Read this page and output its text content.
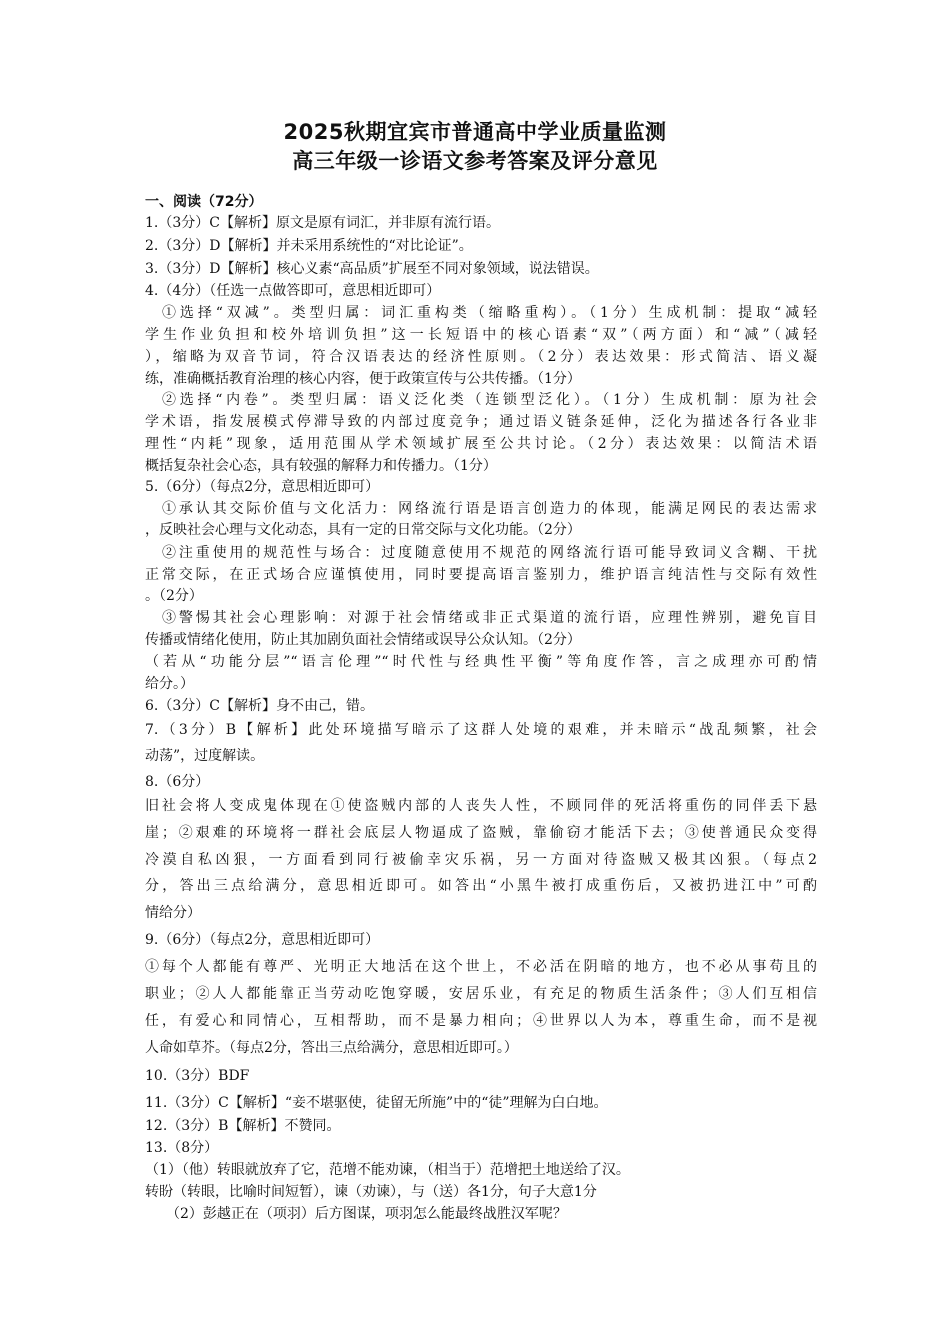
2025秋期宜宾市普通高中学业质量监测
高三年级一诊语文参考答案及评分意见
一、阅读（72分）
1.（3分）C【解析】原文是原有词汇，并非原有流行语。
2.（3分）D【解析】并未采用系统性的“对比论证”。
3.（3分）D【解析】核心义素“高品质”扩展至不同对象领域，说法错误。
4.（4分）（任选一点做答即可，意思相近即可）
①选择“双减”。类型归属：词汇重构类（缩略重构）。（1分）生成机制：提取“减轻
学生作业负担和校外培训负担”这一长短语中的核心语素“双”（两方面）和“减”（减轻
），缩略为双音节词，符合汉语表达的经济性原则。（2分）表达效果：形式简洁、语义凝
练，准确概括教育治理的核心内容，便于政策宣传与公共传播。（1分）
②选择“内卷”。类型归属：语义泛化类（连锁型泛化）。（1分）生成机制：原为社会
学术语，指发展模式停滞导致的内部过度竞争；通过语义链条延伸，泛化为描述各行各业非
理性“内耗”现象，适用范围从学术领域扩展至公共讨论。（2分）表达效果：以简洁术语
概括复杂社会心态，具有较强的解释力和传播力。（1分）
5.（6分）（每点2分，意思相近即可）
①承认其交际价值与文化活力：网络流行语是语言创造力的体现，能满足网民的表达需求
，反映社会心理与文化动态，具有一定的日常交际与文化功能。（2分）
②注重使用的规范性与场合：过度随意使用不规范的网络流行语可能导致词义含糊、干扰
正常交际，在正式场合应谨慎使用，同时要提高语言鉴别力，维护语言纯洁性与交际有效性
。（2分）
③警惕其社会心理影响：对源于社会情绪或非正式渠道的流行语，应理性辨别，避免盲目
传播或情绪化使用，防止其加剧负面社会情绪或误导公众认知。（2分）
（若从“功能分层”“语言伦理”“时代性与经典性平衡”等角度作答，言之成理亦可酌情
给分。）
6.（3分）C【解析】身不由己，错。
7.（3分）B【解析】此处环境描写暗示了这群人处境的艰难，并未暗示“战乱频繁，社会
动荡”，过度解读。
8.（6分）
旧社会将人变成鬼体现在①使盗贼内部的人丧失人性，不顾同伴的死活将重伤的同伴丢下悬
崖；②艰难的环境将一群社会底层人物逼成了盗贼，靠偷窃才能活下去；③使普通民众变得
冷漠自私凶狠，一方面看到同行被偷幸灾乐祸，另一方面对待盗贼又极其凶狠。（每点2
分，答出三点给满分，意思相近即可。如答出“小黑牛被打成重伤后，又被扔进江中”可酌
情给分）
9.（6分）（每点2分，意思相近即可）
①每个人都能有尊严、光明正大地活在这个世上，不必活在阴暗的地方，也不必从事苟且的
职业；②人人都能靠正当劳动吃饱穿暖，安居乐业，有充足的物质生活条件；③人们互相信
任，有爱心和同情心，互相帮助，而不是暴力相向；④世界以人为本，尊重生命，而不是视
人命如草芥。（每点2分，答出三点给满分，意思相近即可。）
10.（3分）BDF
11.（3分）C【解析】“妾不堪驱使，徒留无所施”中的“徒”理解为白白地。
12.（3分）B【解析】不赞同。
13.（8分）
（1）（他）转眼就放弃了它，范增不能劝谏，（相当于）范增把土地送给了汉。
转盼（转眼，比喻时间短暂），谏（劝谏），与（送）各1分，句子大意1分
（2）彭越正在（项羽）后方图谋，项羽怎么能最终战胜汉军呢？
